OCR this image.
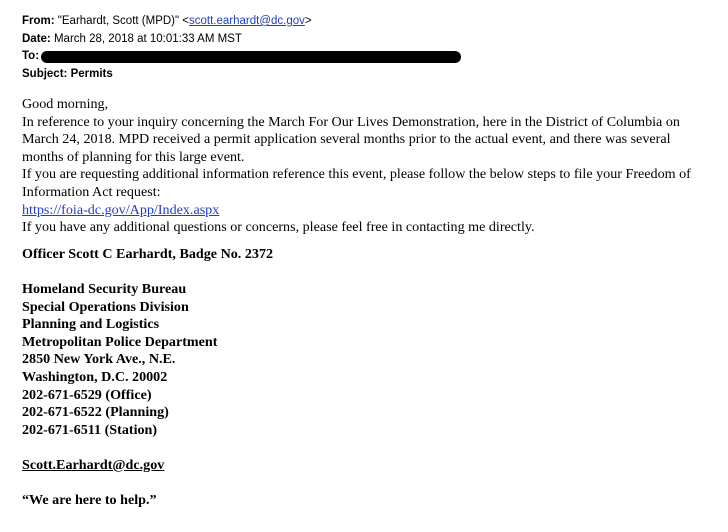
From: "Earhardt, Scott (MPD)" <scott.earhardt@dc.gov>
Date: March 28, 2018 at 10:01:33 AM MST
To:
Subject: Permits

Good morning,

In reference to your inquiry concerning the March For Our Lives Demonstration, here in the District of Columbia on March 24, 2018. MPD received a permit application several months prior to the actual event, and there was several months of planning for this large event.

If you are requesting additional information reference this event, please follow the below steps to file your Freedom of Information Act request:

https://foia-dc.gov/App/Index.aspx

If you have any additional questions or concerns, please feel free in contacting me directly.

Officer Scott C Earhardt, Badge No. 2372

Homeland Security Bureau

Special Operations Division

Planning and Logistics

Metropolitan Police Department

2850 New York Ave., N.E.

Washington, D.C. 20002

202-671-6529 (Office)

202-671-6522 (Planning)

202-671-6511 (Station)

Scott.Earhardt@dc.gov

“We are here to help.”
